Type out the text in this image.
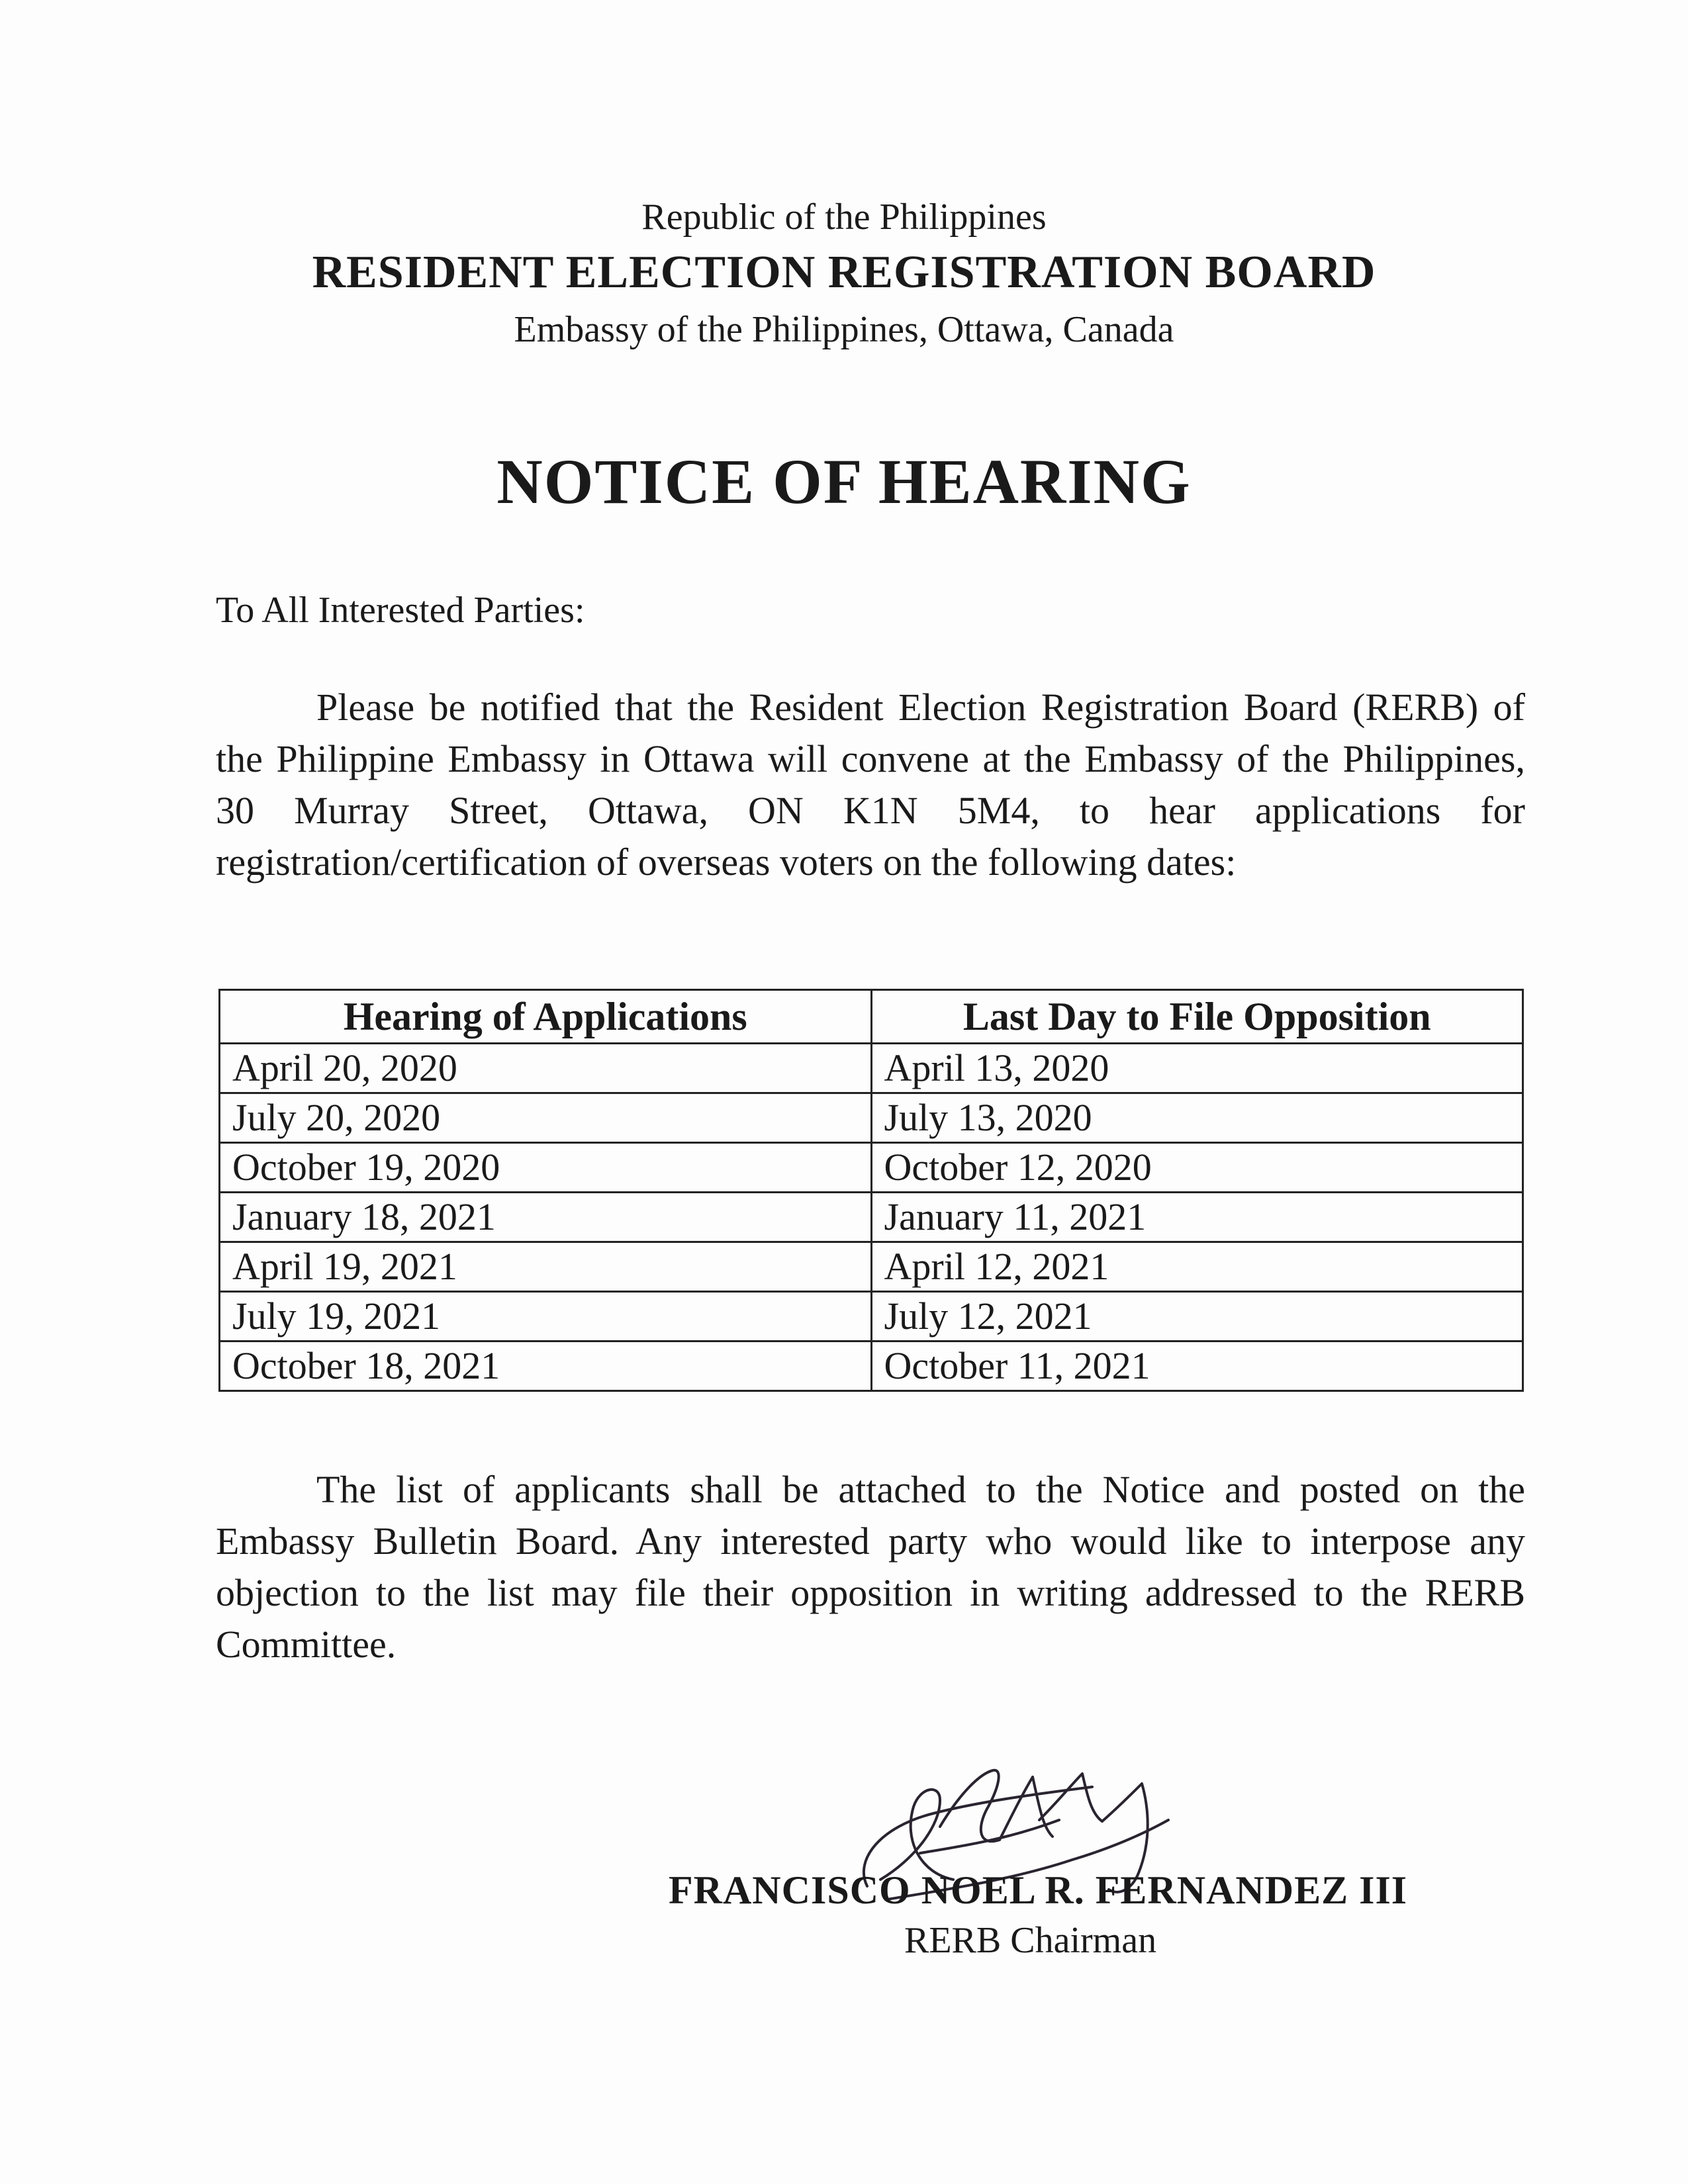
Republic of the Philippines

RESIDENT ELECTION REGISTRATION BOARD

Embassy of the Philippines, Ottawa, Canada

NOTICE OF HEARING

To All Interested Parties:

Please be notified that the Resident Election Registration Board (RERB) of the Philippine Embassy in Ottawa will convene at the Embassy of the Philippines, 30 Murray Street, Ottawa, ON K1N 5M4, to hear applications for registration/certification of overseas voters on the following dates:

Hearing of Applications	Last Day to File Opposition
April 20, 2020	April 13, 2020
July 20, 2020	July 13, 2020
October 19, 2020	October 12, 2020
January 18, 2021	January 11, 2021
April 19, 2021	April 12, 2021
July 19, 2021	July 12, 2021
October 18, 2021	October 11, 2021

The list of applicants shall be attached to the Notice and posted on the Embassy Bulletin Board. Any interested party who would like to interpose any objection to the list may file their opposition in writing addressed to the RERB Committee.

FRANCISCO NOEL R. FERNANDEZ III

RERB Chairman
